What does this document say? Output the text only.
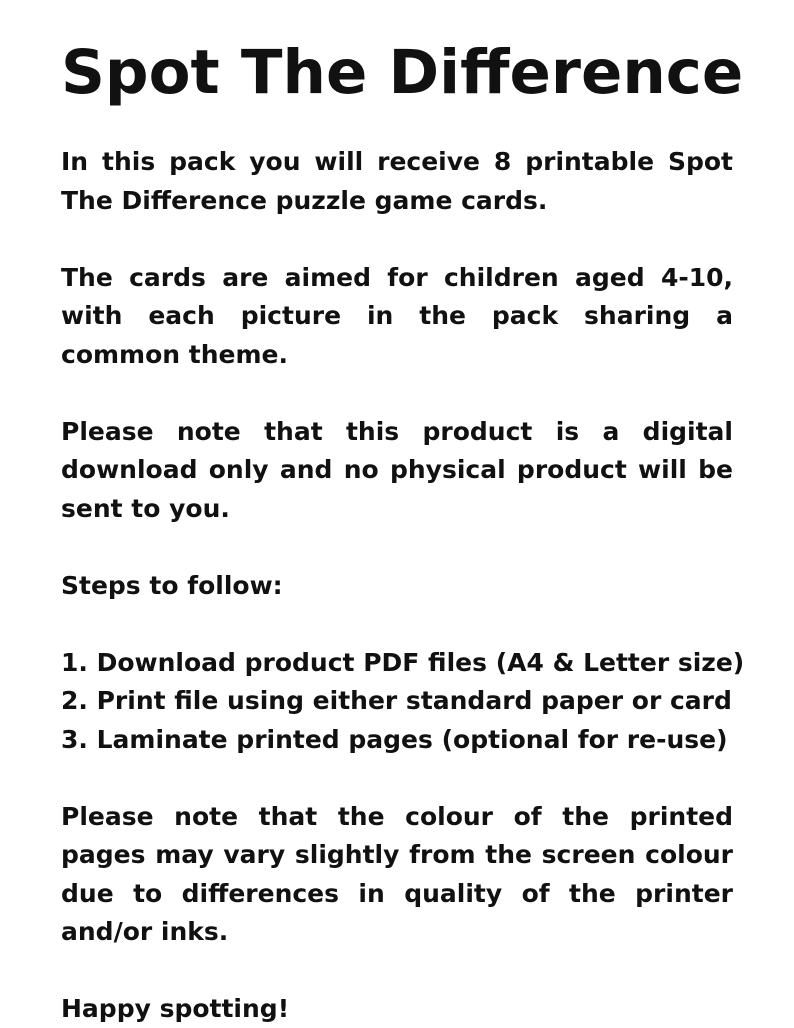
Spot The Difference

In this pack you will receive 8 printable Spot The Difference puzzle game cards.

The cards are aimed for children aged 4-10, with each picture in the pack sharing a common theme.

Please note that this product is a digital download only and no physical product will be sent to you.

Steps to follow:

1. Download product PDF files (A4 & Letter size)
2. Print file using either standard paper or card
3. Laminate printed pages (optional for re-use)

Please note that the colour of the printed pages may vary slightly from the screen colour due to differences in quality of the printer and/or inks.

Happy spotting!
